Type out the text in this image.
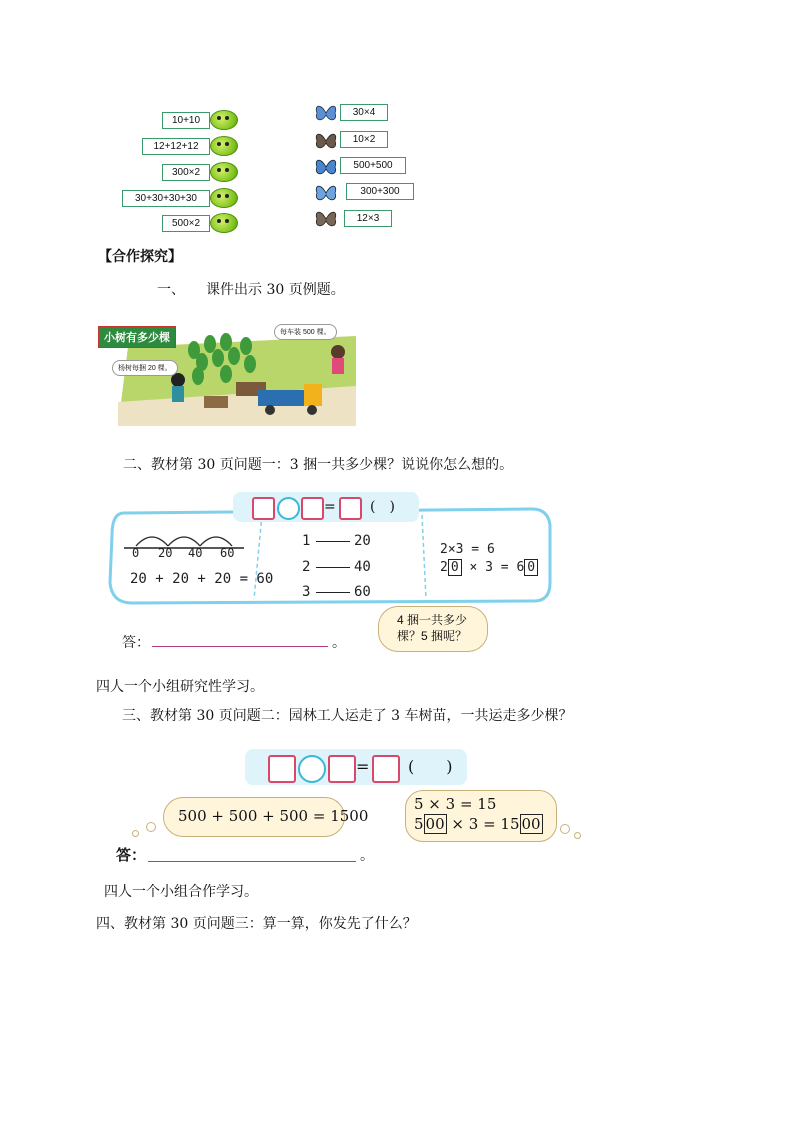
10+10
12+12+12
300×2
30+30+30+30
500×2
30×4
10×2
500+500
300+300
12×3
【合作探究】
一、 课件出示 30 页例题。
小树有多少棵	每车装 500 棵。
杨树每捆 20 棵。
二、教材第 30 页问题一：3 捆一共多少棵？说说你怎么想的。
= (　)
0 20 40 60
20 + 20 + 20 = 60
1	20
2	40
3	60
2×3 = 6
2 0 × 3 = 6 0
4 捆一共多少棵？5 捆呢？
答：	。
四人一个小组研究性学习。
三、教材第 30 页问题二：园林工人运走了 3 车树苗，一共运走多少棵？
= (　　)
500 + 500 + 500 = 1500
5 × 3 = 15
5 00 × 3 = 15 00
答：	。
四人一个小组合作学习。
四、教材第 30 页问题三：算一算，你发先了什么？
